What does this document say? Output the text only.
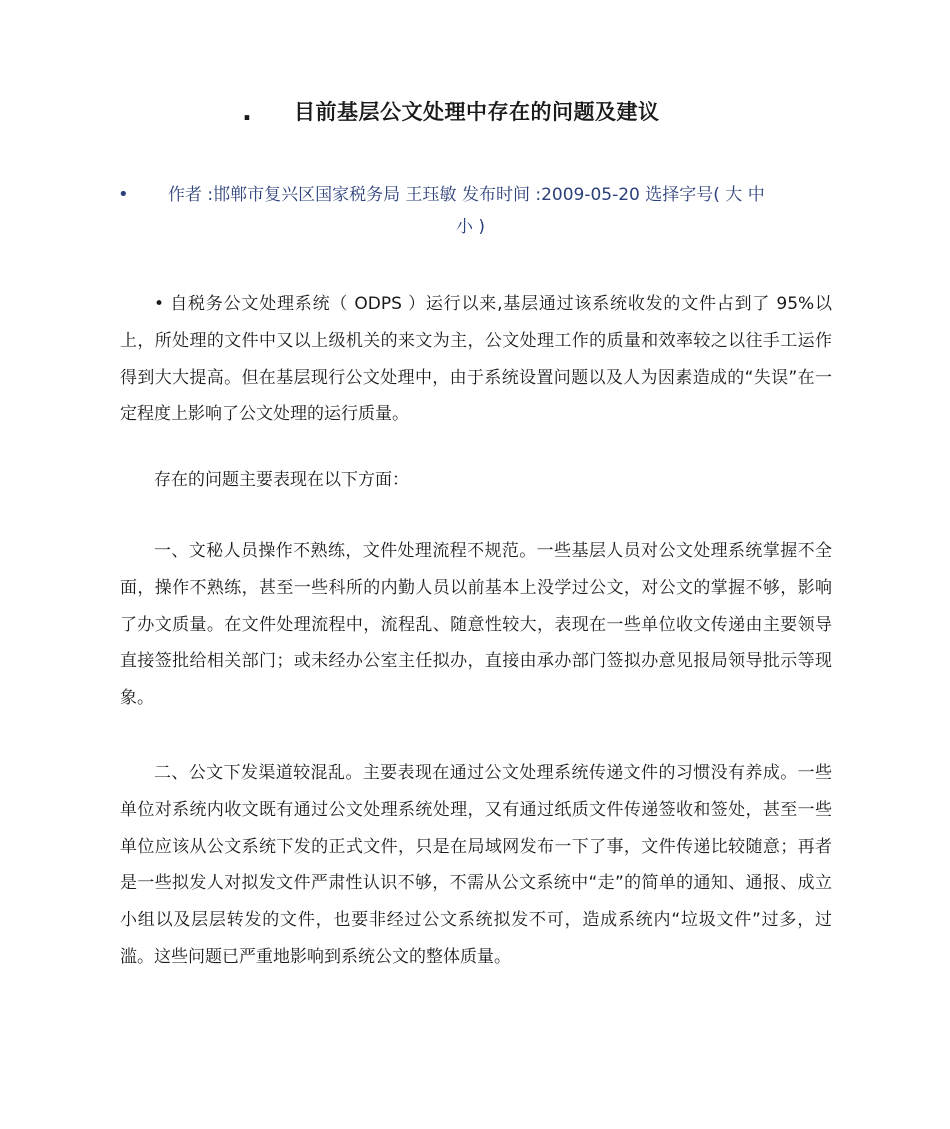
. 目前基层公文处理中存在的问题及建议
• 作者 :邯郸市复兴区国家税务局 王珏敏 发布时间 :2009-05-20 选择字号( 大 中
小 )

• 自税务公文处理系统（ ODPS ）运行以来,基层通过该系统收发的文件占到了 95%以上，所处理的文件中又以上级机关的来文为主，公文处理工作的质量和效率较之以往手工运作得到大大提高。但在基层现行公文处理中，由于系统设置问题以及人为因素造成的“失误”在一定程度上影响了公文处理的运行质量。

存在的问题主要表现在以下方面：

一、文秘人员操作不熟练，文件处理流程不规范。一些基层人员对公文处理系统掌握不全面，操作不熟练，甚至一些科所的内勤人员以前基本上没学过公文，对公文的掌握不够，影响了办文质量。在文件处理流程中，流程乱、随意性较大，表现在一些单位收文传递由主要领导直接签批给相关部门；或未经办公室主任拟办，直接由承办部门签拟办意见报局领导批示等现象。

二、公文下发渠道较混乱。主要表现在通过公文处理系统传递文件的习惯没有养成。一些单位对系统内收文既有通过公文处理系统处理，又有通过纸质文件传递签收和签处，甚至一些单位应该从公文系统下发的正式文件，只是在局域网发布一下了事，文件传递比较随意；再者是一些拟发人对拟发文件严肃性认识不够，不需从公文系统中“走”的简单的通知、通报、成立小组以及层层转发的文件，也要非经过公文系统拟发不可，造成系统内“垃圾文件”过多，过滥。这些问题已严重地影响到系统公文的整体质量。
